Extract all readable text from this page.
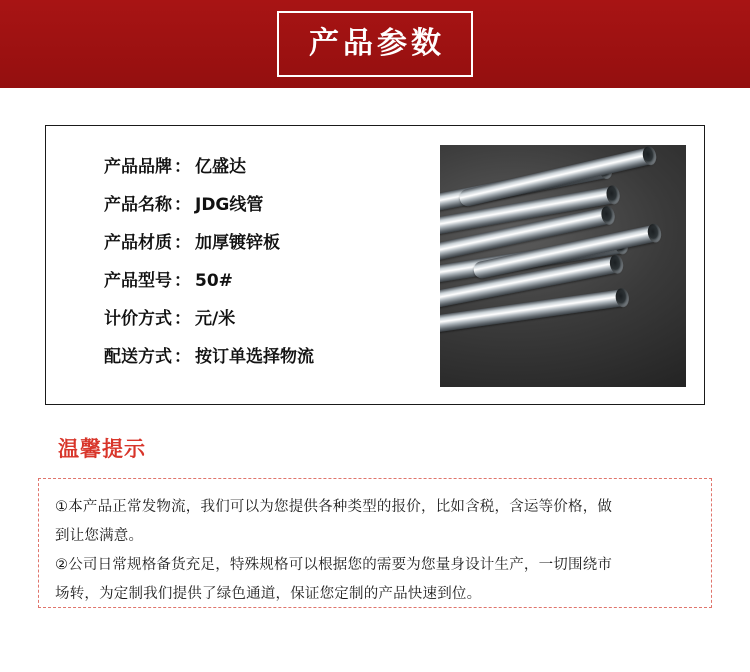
产品参数
产品品牌 ： 亿盛达
产品名称 ： JDG线管
产品材质 ： 加厚镀锌板
产品型号 ： 50#
计价方式 ： 元/米
配送方式 ： 按订单选择物流
温馨提示
①本产品正常发物流，我们可以为您提供各种类型的报价，比如含税，含运等价格，做
到让您满意。
②公司日常规格备货充足，特殊规格可以根据您的需要为您量身设计生产，一切围绕市
场转，为定制我们提供了绿色通道，保证您定制的产品快速到位。
